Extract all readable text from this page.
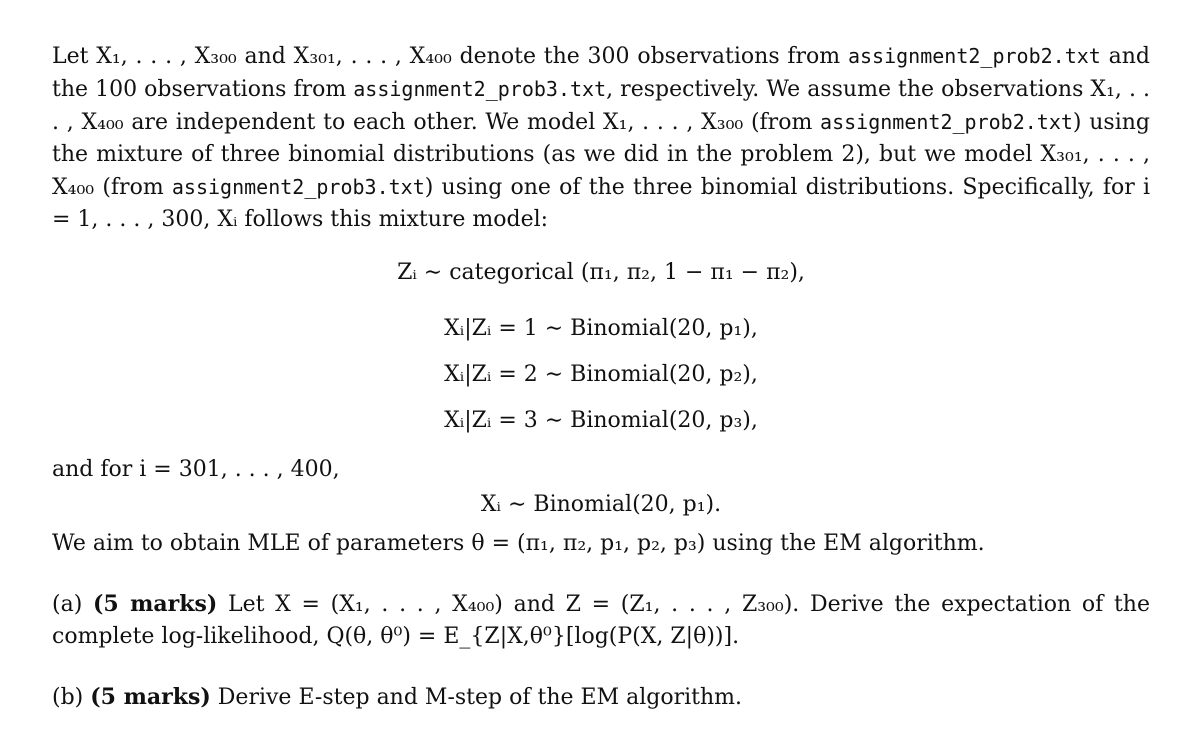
Let X₁, . . . , X₃₀₀ and X₃₀₁, . . . , X₄₀₀ denote the 300 observations from assignment2_prob2.txt and the 100 observations from assignment2_prob3.txt, respectively. We assume the observations X₁, . . . , X₄₀₀ are independent to each other. We model X₁, . . . , X₃₀₀ (from assignment2_prob2.txt) using the mixture of three binomial distributions (as we did in the problem 2), but we model X₃₀₁, . . . , X₄₀₀ (from assignment2_prob3.txt) using one of the three binomial distributions. Specifically, for i = 1, . . . , 300, Xᵢ follows this mixture model:

Zᵢ ∼ categorical (π₁, π₂, 1 − π₁ − π₂),
Xᵢ|Zᵢ = 1 ∼ Binomial(20, p₁),
Xᵢ|Zᵢ = 2 ∼ Binomial(20, p₂),
Xᵢ|Zᵢ = 3 ∼ Binomial(20, p₃),
and for i = 301, . . . , 400,
Xᵢ ∼ Binomial(20, p₁).
We aim to obtain MLE of parameters θ = (π₁, π₂, p₁, p₂, p₃) using the EM algorithm.
(a) (5 marks) Let X = (X₁, . . . , X₄₀₀) and Z = (Z₁, . . . , Z₃₀₀). Derive the expectation of the complete log-likelihood, Q(θ, θ⁰) = E_{Z|X,θ⁰}[log(P(X, Z|θ))].
(b) (5 marks) Derive E-step and M-step of the EM algorithm.
